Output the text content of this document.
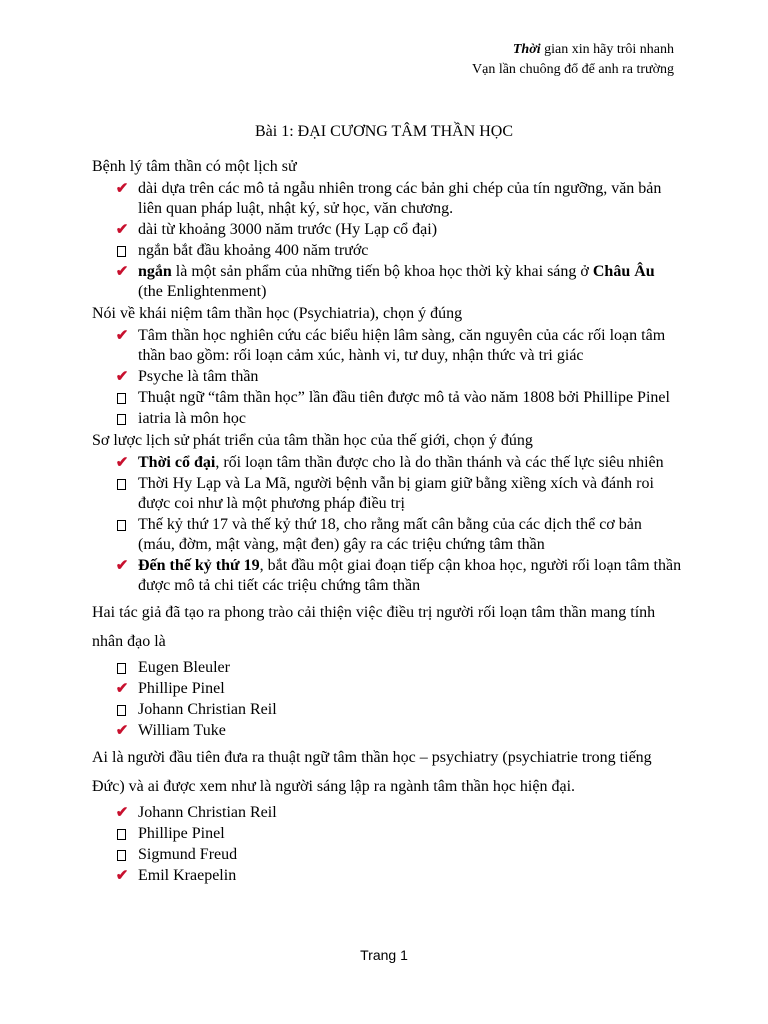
Thời gian xin hãy trôi nhanh
Vạn lần chuông đổ để anh ra trường
Bài 1: ĐẠI CƯƠNG TÂM THẦN HỌC
Bệnh lý tâm thần có một lịch sử
✔ dài dựa trên các mô tả ngẫu nhiên trong các bản ghi chép của tín ngưỡng, văn bản liên quan pháp luật, nhật ký, sử học, văn chương.
✔ dài từ khoảng 3000 năm trước (Hy Lạp cổ đại)
ngắn bắt đầu khoảng 400 năm trước
✔ ngắn là một sản phẩm của những tiến bộ khoa học thời kỳ khai sáng ở Châu Âu (the Enlightenment)
Nói về khái niệm tâm thần học (Psychiatria), chọn ý đúng
✔ Tâm thần học nghiên cứu các biểu hiện lâm sàng, căn nguyên của các rối loạn tâm thần bao gồm: rối loạn cảm xúc, hành vi, tư duy, nhận thức và tri giác
✔ Psyche là tâm thần
Thuật ngữ “tâm thần học” lần đầu tiên được mô tả vào năm 1808 bởi Phillipe Pinel
iatria là môn học
Sơ lược lịch sử phát triển của tâm thần học của thế giới, chọn ý đúng
✔ Thời cổ đại, rối loạn tâm thần được cho là do thần thánh và các thế lực siêu nhiên
Thời Hy Lạp và La Mã, người bệnh vẫn bị giam giữ bằng xiềng xích và đánh roi được coi như là một phương pháp điều trị
Thế kỷ thứ 17 và thế kỷ thứ 18, cho rằng mất cân bằng của các dịch thể cơ bản (máu, đờm, mật vàng, mật đen) gây ra các triệu chứng tâm thần
✔ Đến thế kỷ thứ 19, bắt đầu một giai đoạn tiếp cận khoa học, người rối loạn tâm thần được mô tả chi tiết các triệu chứng tâm thần
Hai tác giả đã tạo ra phong trào cải thiện việc điều trị người rối loạn tâm thần mang tính nhân đạo là
Eugen Bleuler
✔ Phillipe Pinel
Johann Christian Reil
✔ William Tuke
Ai là người đầu tiên đưa ra thuật ngữ tâm thần học – psychiatry (psychiatrie trong tiếng Đức) và ai được xem như là người sáng lập ra ngành tâm thần học hiện đại.
✔ Johann Christian Reil
Phillipe Pinel
Sigmund Freud
✔ Emil Kraepelin
Trang 1
